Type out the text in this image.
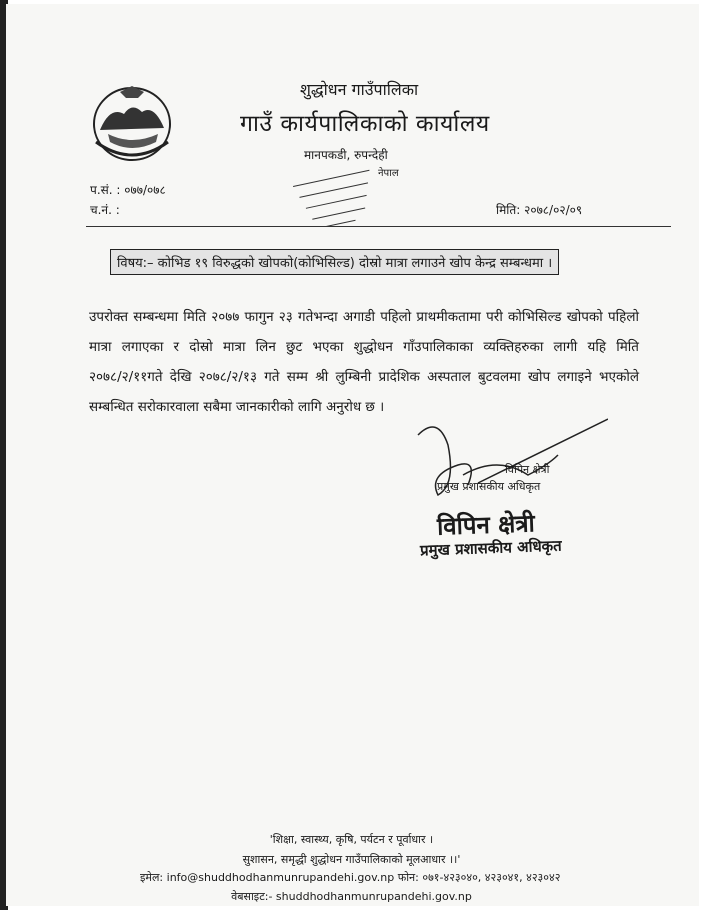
शुद्धोधन गाउँपालिका
गाउँ कार्यपालिकाको कार्यालय
मानपकडी, रुपन्देही
नेपाल
प.सं. : ०७७/०७८
च.नं. :	मिति: २०७८/०२/०९
विषय:– कोभिड १९ विरुद्धको खोपको(कोभिसिल्ड) दोस्रो मात्रा लगाउने खोप केन्द्र सम्बन्धमा ।
उपरोक्त सम्बन्धमा मिति २०७७ फागुन २३ गतेभन्दा अगाडी पहिलो प्राथमीकतामा परी कोभिसिल्ड खोपको पहिलो मात्रा लगाएका र दोस्रो मात्रा लिन छुट भएका शुद्धोधन गाँउपालिकाका व्यक्तिहरुका लागी यहि मिति २०७८/२/११गते देखि २०७८/२/१३ गते सम्म श्री लुम्बिनी प्रादेशिक अस्पताल बुटवलमा खोप लगाइने भएकोले सम्बन्धित सरोकारवाला सबैमा जानकारीको लागि अनुरोध छ ।
विपिन क्षेत्री
प्रमुख प्रशासकीय अधिकृत
विपिन क्षेत्री
प्रमुख प्रशासकीय अधिकृत
'शिक्षा, स्वास्थ्य, कृषि, पर्यटन र पूर्वाधार ।
सुशासन, समृद्धी शुद्धोधन गाउँपालिकाको मूलआधार ।।'
इमेल: info@shuddhodhanmunrupandehi.gov.np फोन: ०७१-४२३०४०, ४२३०४१, ४२३०४२
वेबसाइट:- shuddhodhanmunrupandehi.gov.np
